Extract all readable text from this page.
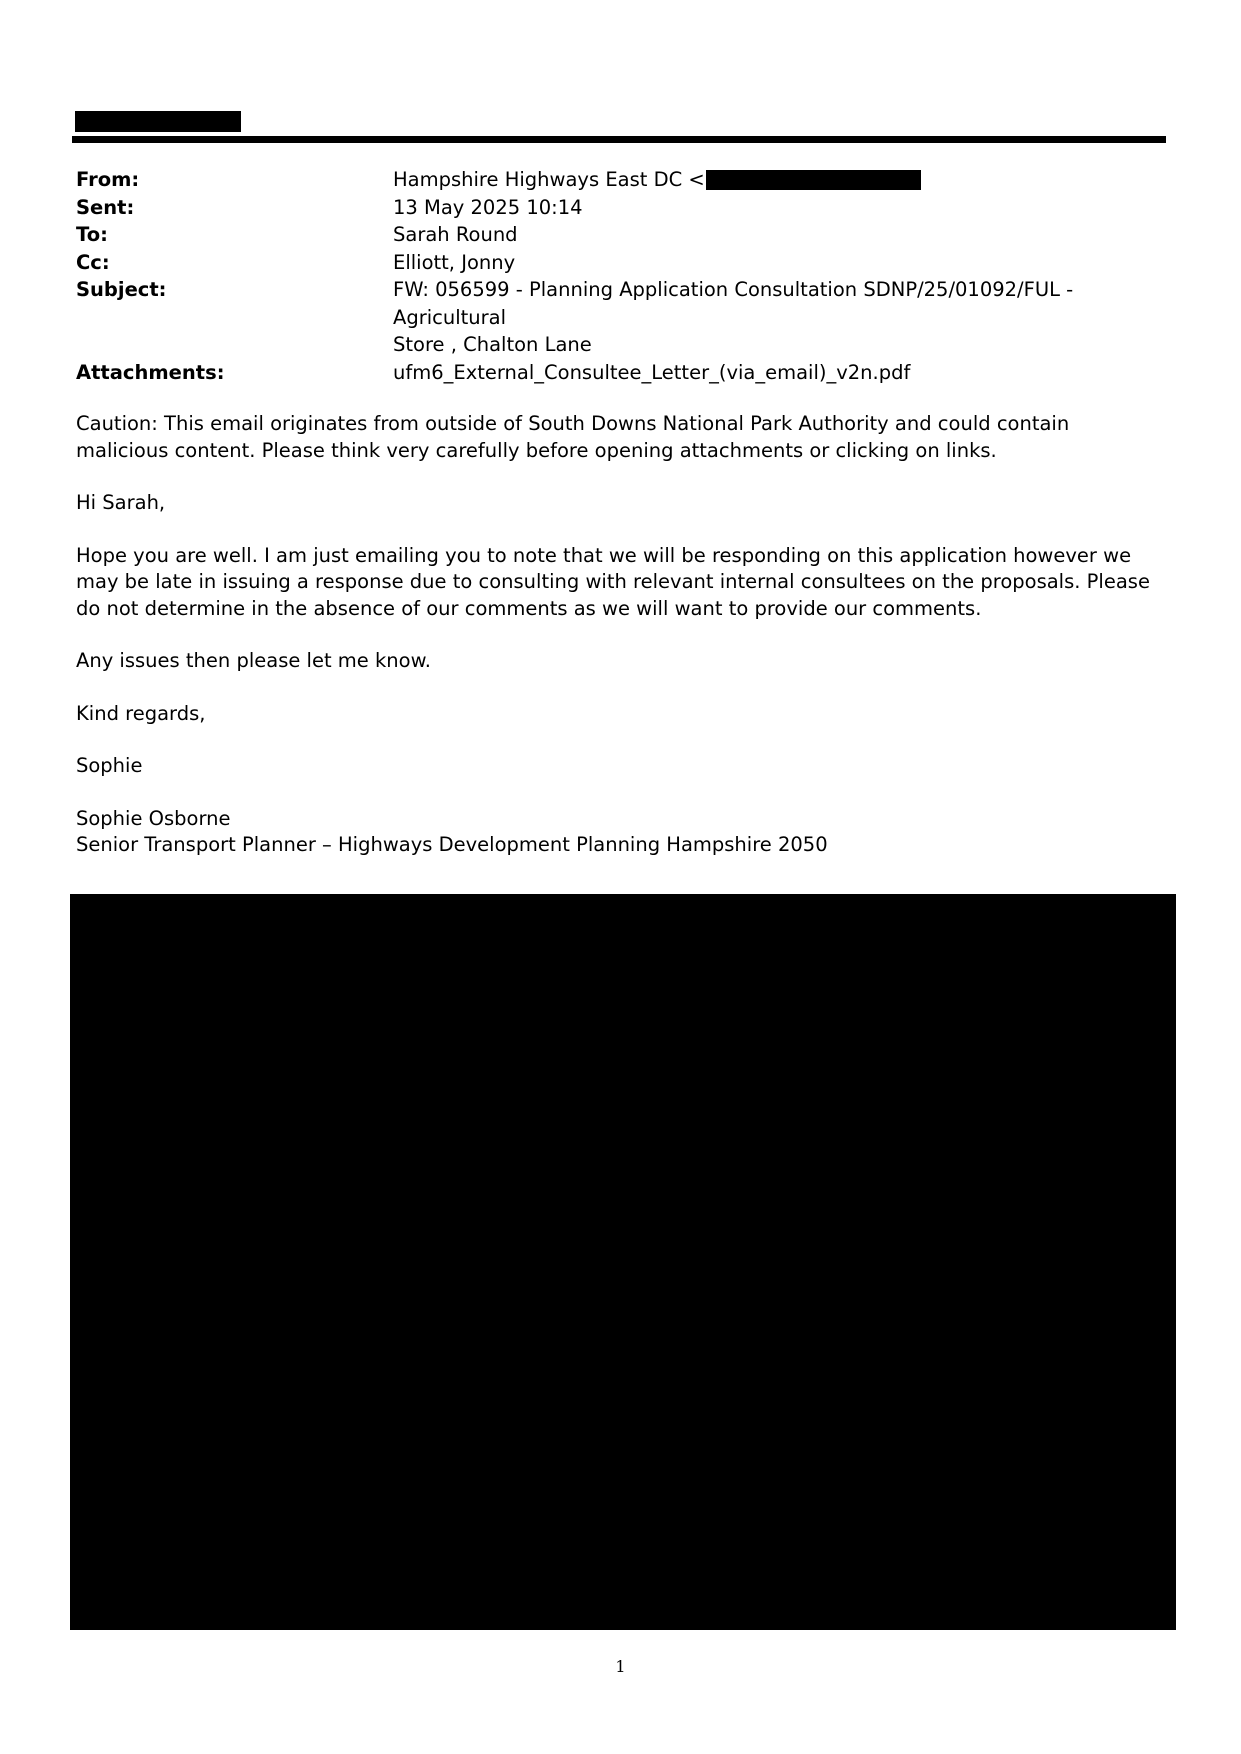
From:	Hampshire Highways East DC <
Sent:	13 May 2025 10:14
To:	Sarah Round
Cc:	Elliott, Jonny
Subject:	FW: 056599 - Planning Application Consultation SDNP/25/01092/FUL - Agricultural
Store , Chalton Lane
Attachments:	ufm6_External_Consultee_Letter_(via_email)_v2n.pdf

Caution: This email originates from outside of South Downs National Park Authority and could contain malicious content. Please think very carefully before opening attachments or clicking on links.

Hi Sarah,

Hope you are well. I am just emailing you to note that we will be responding on this application however we may be late in issuing a response due to consulting with relevant internal consultees on the proposals. Please do not determine in the absence of our comments as we will want to provide our comments.

Any issues then please let me know.

Kind regards,

Sophie

Sophie Osborne

Senior Transport Planner – Highways Development Planning Hampshire 2050

1
